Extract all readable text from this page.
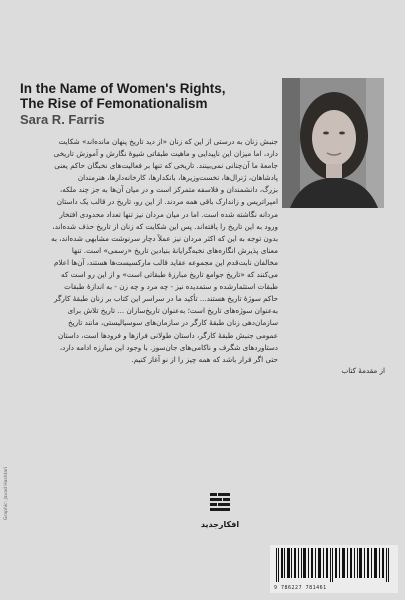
In the Name of Women's Rights,
The Rise of Femonationalism
Sara R. Farris
جنبش زنان به درستی از این که زنان «از دید تاریخ پنهان مانده‌اند» شکایت
دارد، اما میزان این ناپیدایی و ماهیت طبقاتی شیوهٔ نگارش و آموزش تاریخی
جامعهٔ ما آن‌چنانی نمی‌بینند. تاریخی که تنها بر فعالیت‌های نخبگان حاکم یعنی
پادشاهان، ژنرال‌ها، نخست‌وزیرها، بانکدارها، کارخانه‌دارها، هنرمندان
بزرگ، دانشمندان و فلاسفه متمرکز است و در میان آن‌ها به جز چند ملکه،
امپراتریس و زاندارک باقی همه مردند. از این رو، تاریخ در قالب یک داستان
مردانه نگاشته شده است. اما در میان مردان نیز تنها تعداد محدودی افتخار
ورود به این تاریخ را یافته‌اند. پس این شکایت که زنان از تاریخ حذف شده‌اند،
بدون توجه به این که اکثر مردان نیز عملاً دچار سرنوشت مشابهی شده‌اند، به
معنای پذیرش انگاره‌های نخبه‌گرایانهٔ بنیادین تاریخ «رسمی» است. تنها
مخالفان نابت‌قدم این مجموعه عقاید قالب مارکسیست‌ها هستند، آن‌ها اعلام
می‌کنند که «تاریخ جوامع تاریخ مبارزهٔ طبقاتی است» و از این رو است که
طبقات استثمارشده و ستمدیده نیز - چه مرد و چه زن - به اندازهٔ طبقات
حاکم سوژهٔ تاریخ هستند... تأکید ما در سراسر این کتاب بر زنان طبقهٔ کارگر
به‌عنوان سوژه‌های تاریخ است؛ به‌عنوان تاریخ‌سازان ... تاریخ تلاش برای
سازمان‌دهی زنان طبقهٔ کارگر در سازمان‌های سوسیالیستی، مانند تاریخ
عمومی جنبش طبقهٔ کارگر، داستان طولانی فرازها و فرودها است، داستان
دستاوردهای شگرف و ناکامی‌های جان‌سوز. با وجود این مبارزه ادامه دارد،
حتی اگر قرار باشد که همه چیز را از نو آغاز کنیم.
از مقدمهٔ کتاب
افکارجدید
Graphic: Javad Hashtari
9 786227 781461
